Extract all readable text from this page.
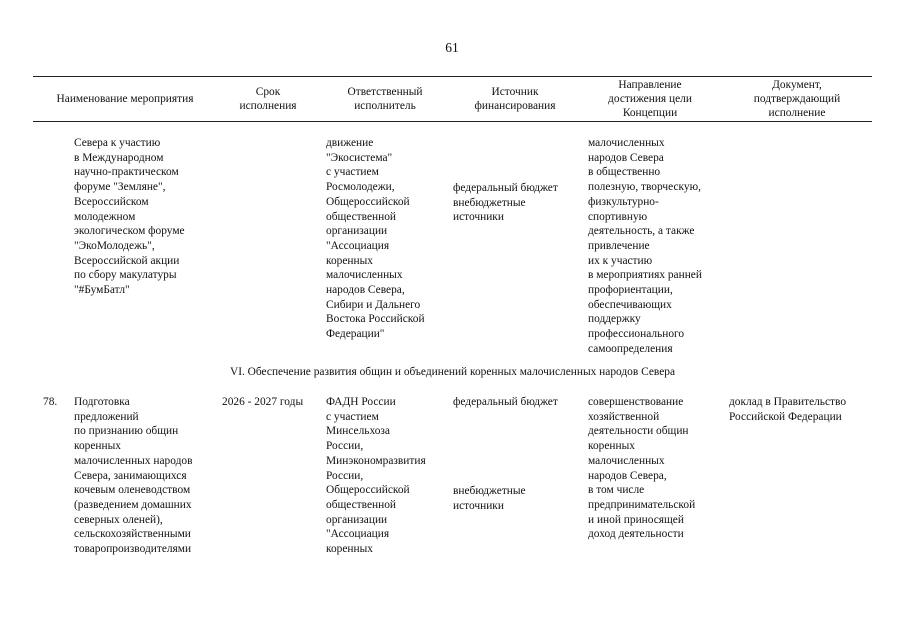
61
Наименование мероприятия
Срок
исполнения
Ответственный
исполнитель
Источник
финансирования
Направление
достижения цели
Концепции
Документ,
подтверждающий
исполнение
Севера к участию
в Международном
научно-практическом
форуме "Земляне",
Всероссийском
молодежном
экологическом форуме
"ЭкоМолодежь",
Всероссийской акции
по сбору макулатуры
"#БумБатл"
движение
"Экосистема"
с участием
Росмолодежи,
Общероссийской
общественной
организации
"Ассоциация
коренных
малочисленных
народов Севера,
Сибири и Дальнего
Востока Российской
Федерации"
федеральный бюджет
внебюджетные
источники
малочисленных
народов Севера
в общественно
полезную, творческую,
физкультурно-
спортивную
деятельность, а также
привлечение
их к участию
в мероприятиях ранней
профориентации,
обеспечивающих
поддержку
профессионального
самоопределения
VI. Обеспечение развития общин и объединений коренных малочисленных народов Севера
78. Подготовка
предложений
по признанию общин
коренных
малочисленных народов
Севера, занимающихся
кочевым оленеводством
(разведением домашних
северных оленей),
сельскохозяйственными
товаропроизводителями
2026 - 2027 годы ФАДН России
с участием
Минсельхоза
России,
Минэкономразвития
России,
Общероссийской
общественной
организации
"Ассоциация
коренных
федеральный бюджет
внебюджетные
источники
совершенствование
хозяйственной
деятельности общин
коренных
малочисленных
народов Севера,
в том числе
предпринимательской
и иной приносящей
доход деятельности
доклад в Правительство
Российской Федерации
